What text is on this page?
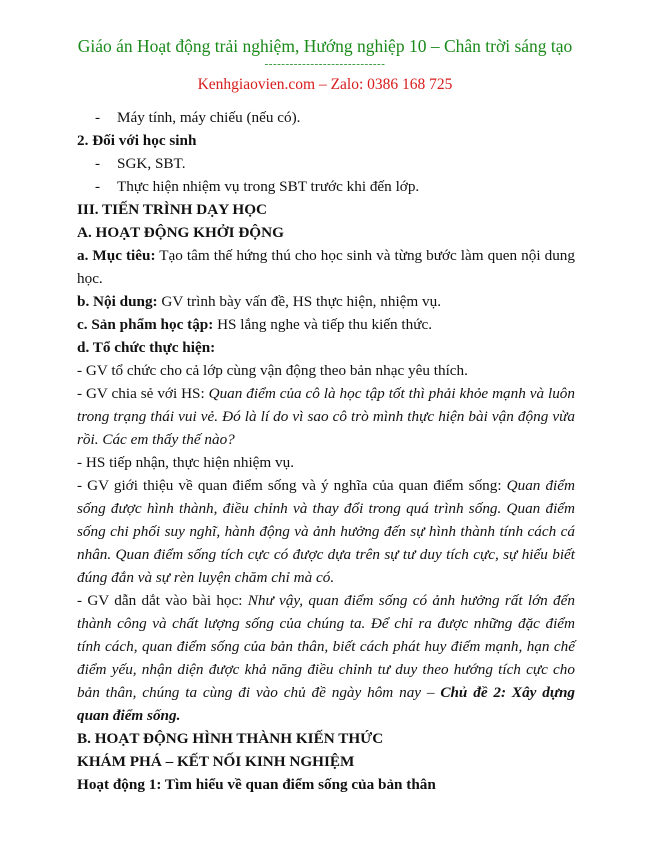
Giáo án Hoạt động trải nghiệm, Hướng nghiệp 10 – Chân trời sáng tạo
-----------------------------
Kenhgiaovien.com – Zalo: 0386 168 725

- Máy tính, máy chiếu (nếu có).

2. Đối với học sinh

- SGK, SBT.

- Thực hiện nhiệm vụ trong SBT trước khi đến lớp.

III. TIẾN TRÌNH DẠY HỌC

A. HOẠT ĐỘNG KHỞI ĐỘNG

a. Mục tiêu: Tạo tâm thế hứng thú cho học sinh và từng bước làm quen nội dung học.

b. Nội dung: GV trình bày vấn đề, HS thực hiện, nhiệm vụ.

c. Sản phẩm học tập: HS lắng nghe và tiếp thu kiến thức.

d. Tổ chức thực hiện:

- GV tổ chức cho cả lớp cùng vận động theo bản nhạc yêu thích.

- GV chia sẻ với HS: Quan điểm của cô là học tập tốt thì phải khỏe mạnh và luôn trong trạng thái vui vẻ. Đó là lí do vì sao cô trò mình thực hiện bài vận động vừa rồi. Các em thấy thế nào?

- HS tiếp nhận, thực hiện nhiệm vụ.

- GV giới thiệu về quan điểm sống và ý nghĩa của quan điểm sống: Quan điểm sống được hình thành, điều chỉnh và thay đổi trong quá trình sống. Quan điểm sống chi phối suy nghĩ, hành động và ảnh hưởng đến sự hình thành tính cách cá nhân. Quan điểm sống tích cực có được dựa trên sự tư duy tích cực, sự hiểu biết đúng đắn và sự rèn luyện chăm chỉ mà có.

- GV dẫn dắt vào bài học: Như vậy, quan điểm sống có ảnh hưởng rất lớn đến thành công và chất lượng sống của chúng ta. Để chỉ ra được những đặc điểm tính cách, quan điểm sống của bản thân, biết cách phát huy điểm mạnh, hạn chế điểm yếu, nhận diện được khả năng điều chỉnh tư duy theo hướng tích cực cho bản thân, chúng ta cùng đi vào chủ đề ngày hôm nay – Chủ đề 2: Xây dựng quan điểm sống.

B. HOẠT ĐỘNG HÌNH THÀNH KIẾN THỨC

KHÁM PHÁ – KẾT NỐI KINH NGHIỆM

Hoạt động 1: Tìm hiểu về quan điểm sống của bản thân
